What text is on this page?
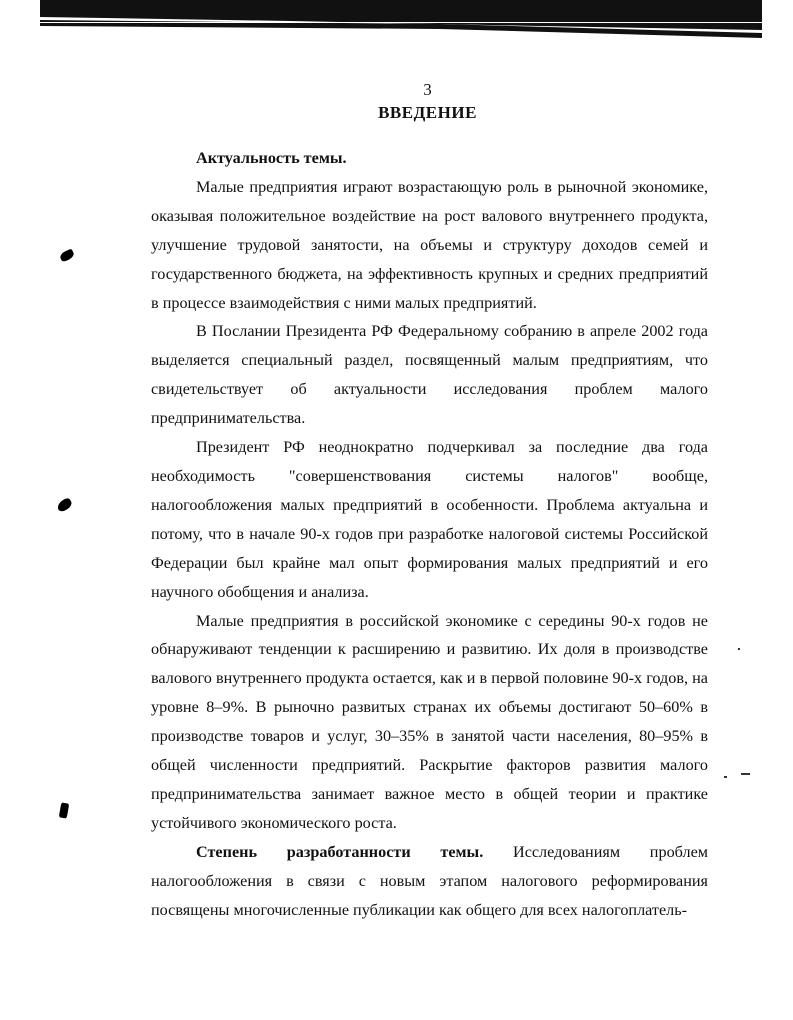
3
ВВЕДЕНИЕ
Актуальность темы.

Малые предприятия играют возрастающую роль в рыночной экономике, оказывая положительное воздействие на рост валового внутреннего продукта, улучшение трудовой занятости, на объемы и структуру доходов семей и государственного бюджета, на эффективность крупных и средних предприятий в процессе взаимодействия с ними малых предприятий.

В Послании Президента РФ Федеральному собранию в апреле 2002 года выделяется специальный раздел, посвященный малым предприятиям, что свидетельствует об актуальности исследования проблем малого предпринимательства.

Президент РФ неоднократно подчеркивал за последние два года необходимость "совершенствования системы налогов" вообще, налогообложения малых предприятий в особенности. Проблема актуальна и потому, что в начале 90-х годов при разработке налоговой системы Российской Федерации был крайне мал опыт формирования малых предприятий и его научного обобщения и анализа.

Малые предприятия в российской экономике с середины 90-х годов не обнаруживают тенденции к расширению и развитию. Их доля в производстве валового внутреннего продукта остается, как и в первой половине 90-х годов, на уровне 8–9%. В рыночно развитых странах их объемы достигают 50–60% в производстве товаров и услуг, 30–35% в занятой части населения, 80–95% в общей численности предприятий. Раскрытие факторов развития малого предпринимательства занимает важное место в общей теории и практике устойчивого экономического роста.

Степень разработанности темы. Исследованиям проблем налогообложения в связи с новым этапом налогового реформирования посвящены многочисленные публикации как общего для всех налогоплатель-
